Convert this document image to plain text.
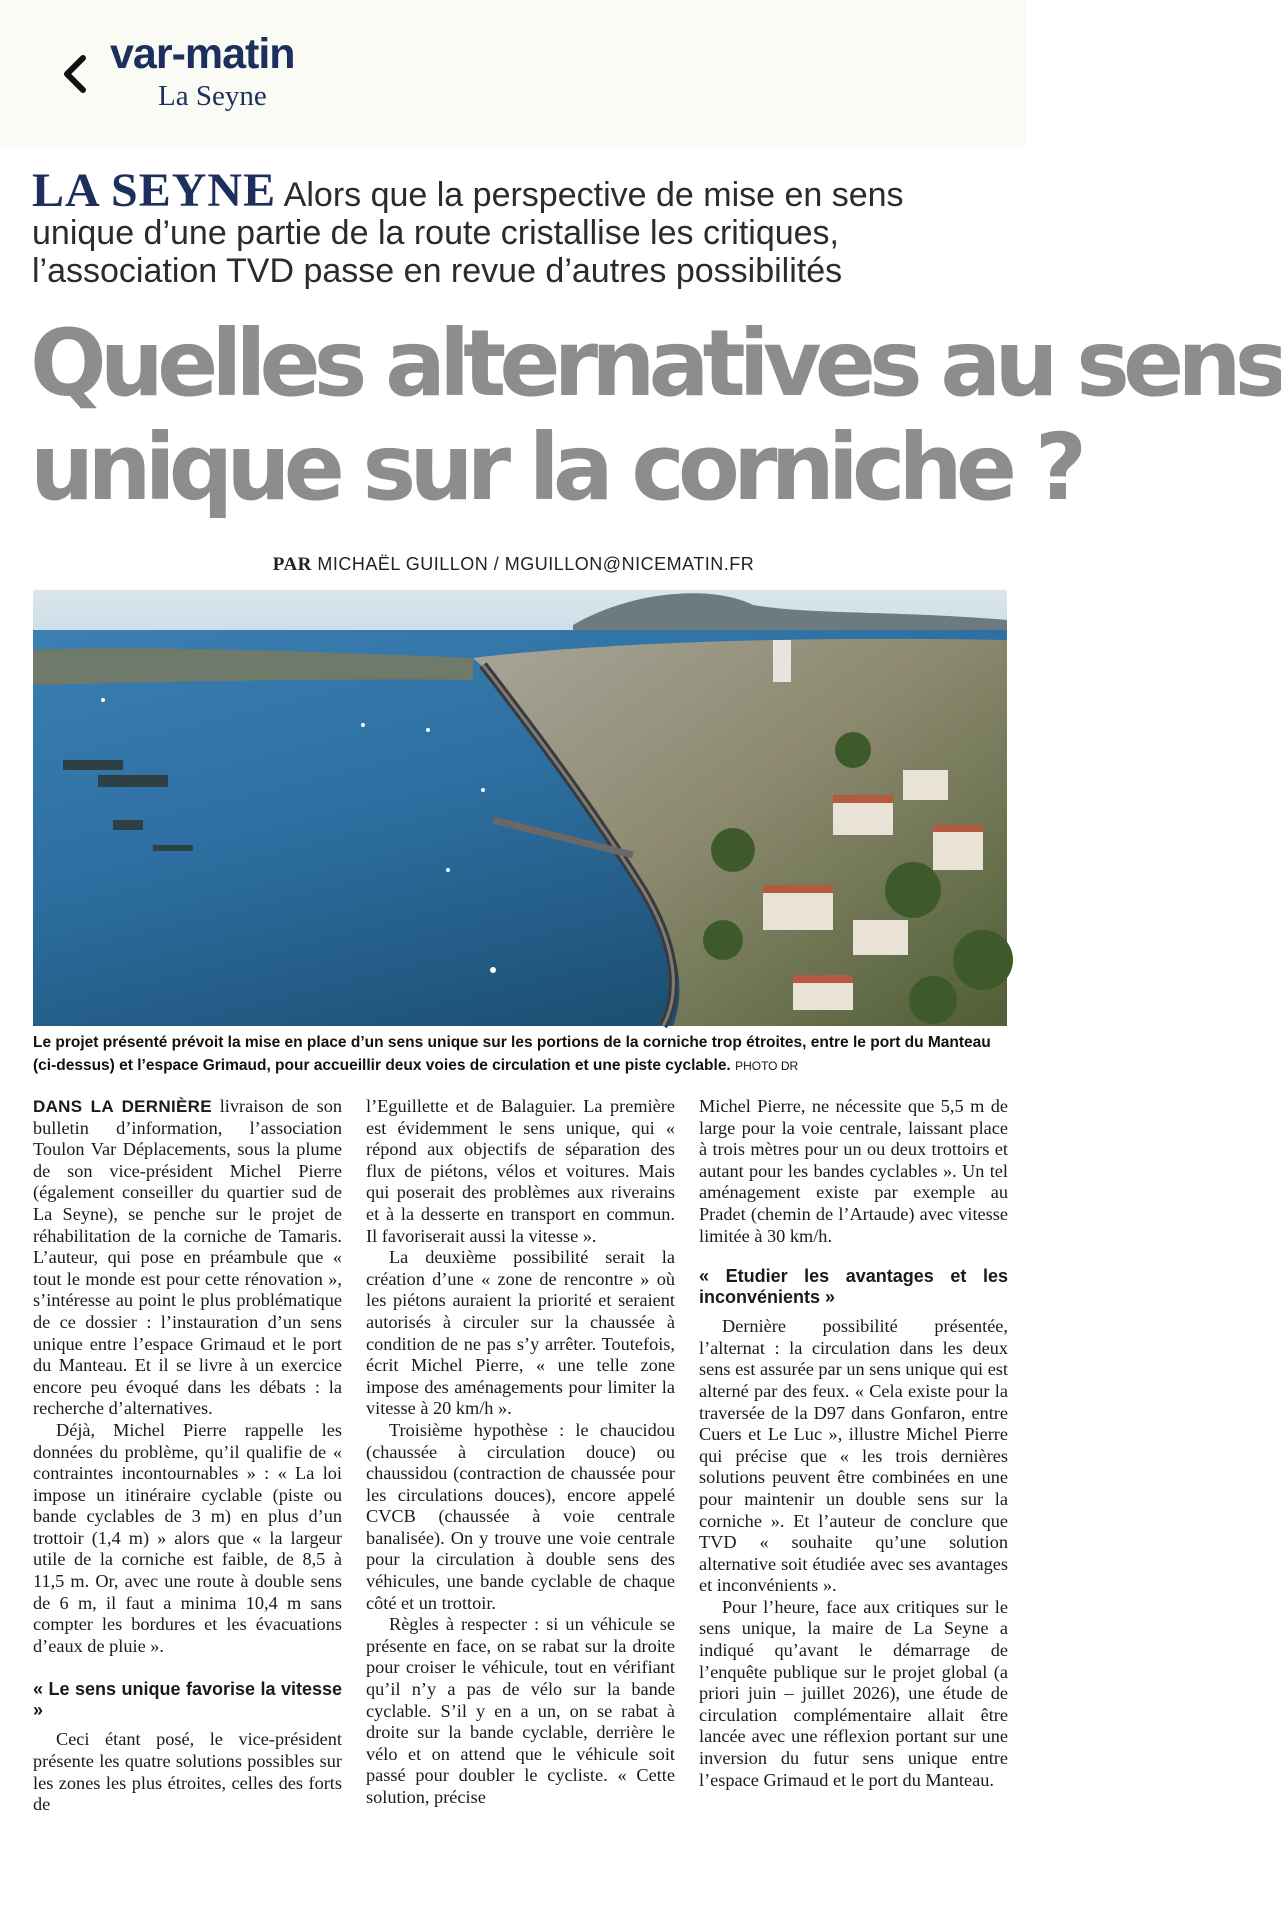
var-matin
La Seyne
LA SEYNE Alors que la perspective de mise en sens unique d’une partie de la route cristallise les critiques, l’association TVD passe en revue d’autres possibilités
Quelles alternatives au sens
unique sur la corniche ?
PAR MICHAËL GUILLON / MGUILLON@NICEMATIN.FR
Le projet présenté prévoit la mise en place d’un sens unique sur les portions de la corniche trop étroites, entre le port du Manteau (ci-dessus) et l’espace Grimaud, pour accueillir deux voies de circulation et une piste cyclable. PHOTO DR

DANS LA DERNIÈRE livraison de son bulletin d’information, l’association Toulon Var Déplacements, sous la plume de son vice-président Michel Pierre (également conseiller du quartier sud de La Seyne), se penche sur le projet de réhabilitation de la corniche de Tamaris. L’auteur, qui pose en préambule que « tout le monde est pour cette rénovation », s’intéresse au point le plus problématique de ce dossier : l’instauration d’un sens unique entre l’espace Grimaud et le port du Manteau. Et il se livre à un exercice encore peu évoqué dans les débats : la recherche d’alternatives.

Déjà, Michel Pierre rappelle les données du problème, qu’il qualifie de « contraintes incontournables » : « La loi impose un itinéraire cyclable (piste ou bande cyclables de 3 m) en plus d’un trottoir (1,4 m) » alors que « la largeur utile de la corniche est faible, de 8,5 à 11,5 m. Or, avec une route à double sens de 6 m, il faut a minima 10,4 m sans compter les bordures et les évacuations d’eaux de pluie ».

« Le sens unique favorise la vitesse »

Ceci étant posé, le vice-président présente les quatre solutions possibles sur les zones les plus étroites, celles des forts de

l’Eguillette et de Balaguier. La première est évidemment le sens unique, qui « répond aux objectifs de séparation des flux de piétons, vélos et voitures. Mais qui poserait des problèmes aux riverains et à la desserte en transport en commun. Il favoriserait aussi la vitesse ».

La deuxième possibilité serait la création d’une « zone de rencontre » où les piétons auraient la priorité et seraient autorisés à circuler sur la chaussée à condition de ne pas s’y arrêter. Toutefois, écrit Michel Pierre, « une telle zone impose des aménagements pour limiter la vitesse à 20 km/h ».

Troisième hypothèse : le chaucidou (chaussée à circulation douce) ou chaussidou (contraction de chaussée pour les circulations douces), encore appelé CVCB (chaussée à voie centrale banalisée). On y trouve une voie centrale pour la circulation à double sens des véhicules, une bande cyclable de chaque côté et un trottoir.

Règles à respecter : si un véhicule se présente en face, on se rabat sur la droite pour croiser le véhicule, tout en vérifiant qu’il n’y a pas de vélo sur la bande cyclable. S’il y en a un, on se rabat à droite sur la bande cyclable, derrière le vélo et on attend que le véhicule soit passé pour doubler le cycliste. « Cette solution, précise

Michel Pierre, ne nécessite que 5,5 m de large pour la voie centrale, laissant place à trois mètres pour un ou deux trottoirs et autant pour les bandes cyclables ». Un tel aménagement existe par exemple au Pradet (chemin de l’Artaude) avec vitesse limitée à 30 km/h.

« Etudier les avantages et les inconvénients »

Dernière possibilité présentée, l’alternat : la circulation dans les deux sens est assurée par un sens unique qui est alterné par des feux. « Cela existe pour la traversée de la D97 dans Gonfaron, entre Cuers et Le Luc », illustre Michel Pierre qui précise que « les trois dernières solutions peuvent être combinées en une pour maintenir un double sens sur la corniche ». Et l’auteur de conclure que TVD « souhaite qu’une solution alternative soit étudiée avec ses avantages et inconvénients ».

Pour l’heure, face aux critiques sur le sens unique, la maire de La Seyne a indiqué qu’avant le démarrage de l’enquête publique sur le projet global (a priori juin – juillet 2026), une étude de circulation complémentaire allait être lancée avec une réflexion portant sur une inversion du futur sens unique entre l’espace Grimaud et le port du Manteau.
